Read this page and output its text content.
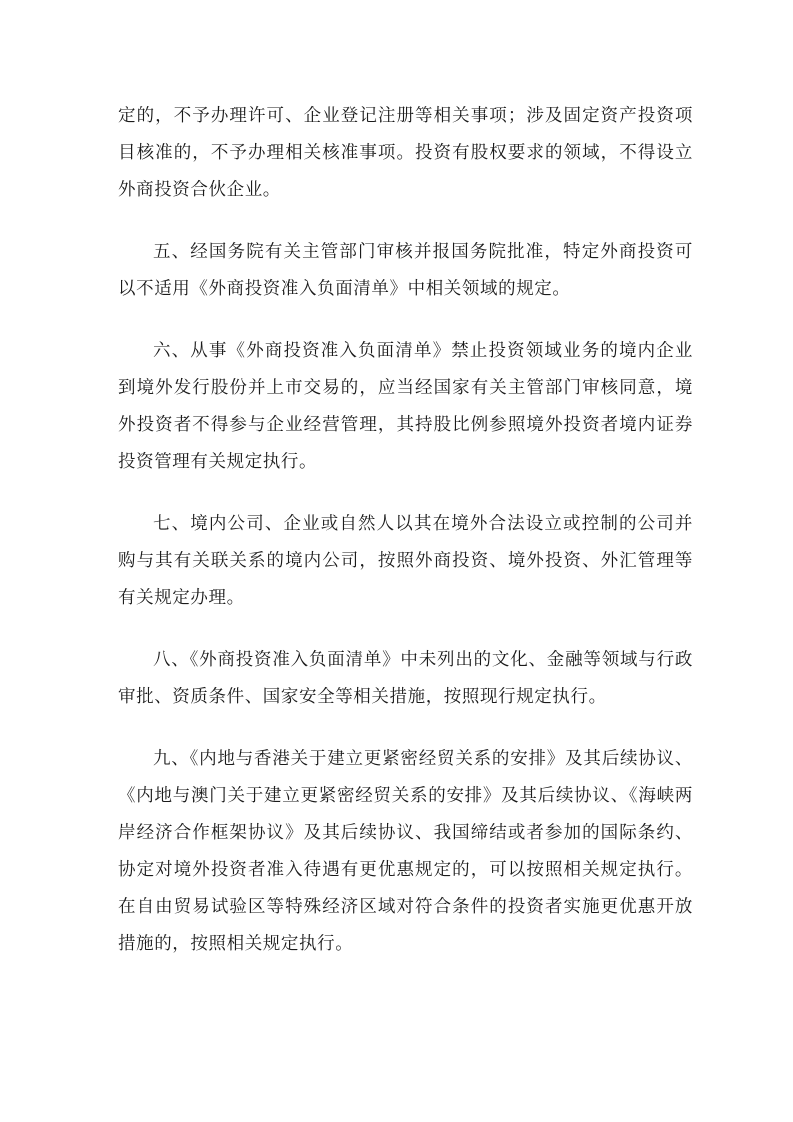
定的，不予办理许可、企业登记注册等相关事项；涉及固定资产投资项目核准的，不予办理相关核准事项。投资有股权要求的领域，不得设立外商投资合伙企业。

五、经国务院有关主管部门审核并报国务院批准，特定外商投资可以不适用《外商投资准入负面清单》中相关领域的规定。

六、从事《外商投资准入负面清单》禁止投资领域业务的境内企业到境外发行股份并上市交易的，应当经国家有关主管部门审核同意，境外投资者不得参与企业经营管理，其持股比例参照境外投资者境内证券投资管理有关规定执行。

七、境内公司、企业或自然人以其在境外合法设立或控制的公司并购与其有关联关系的境内公司，按照外商投资、境外投资、外汇管理等有关规定办理。

八、《外商投资准入负面清单》中未列出的文化、金融等领域与行政审批、资质条件、国家安全等相关措施，按照现行规定执行。

九、《内地与香港关于建立更紧密经贸关系的安排》及其后续协议、《内地与澳门关于建立更紧密经贸关系的安排》及其后续协议、《海峡两岸经济合作框架协议》及其后续协议、我国缔结或者参加的国际条约、协定对境外投资者准入待遇有更优惠规定的，可以按照相关规定执行。在自由贸易试验区等特殊经济区域对符合条件的投资者实施更优惠开放措施的，按照相关规定执行。
